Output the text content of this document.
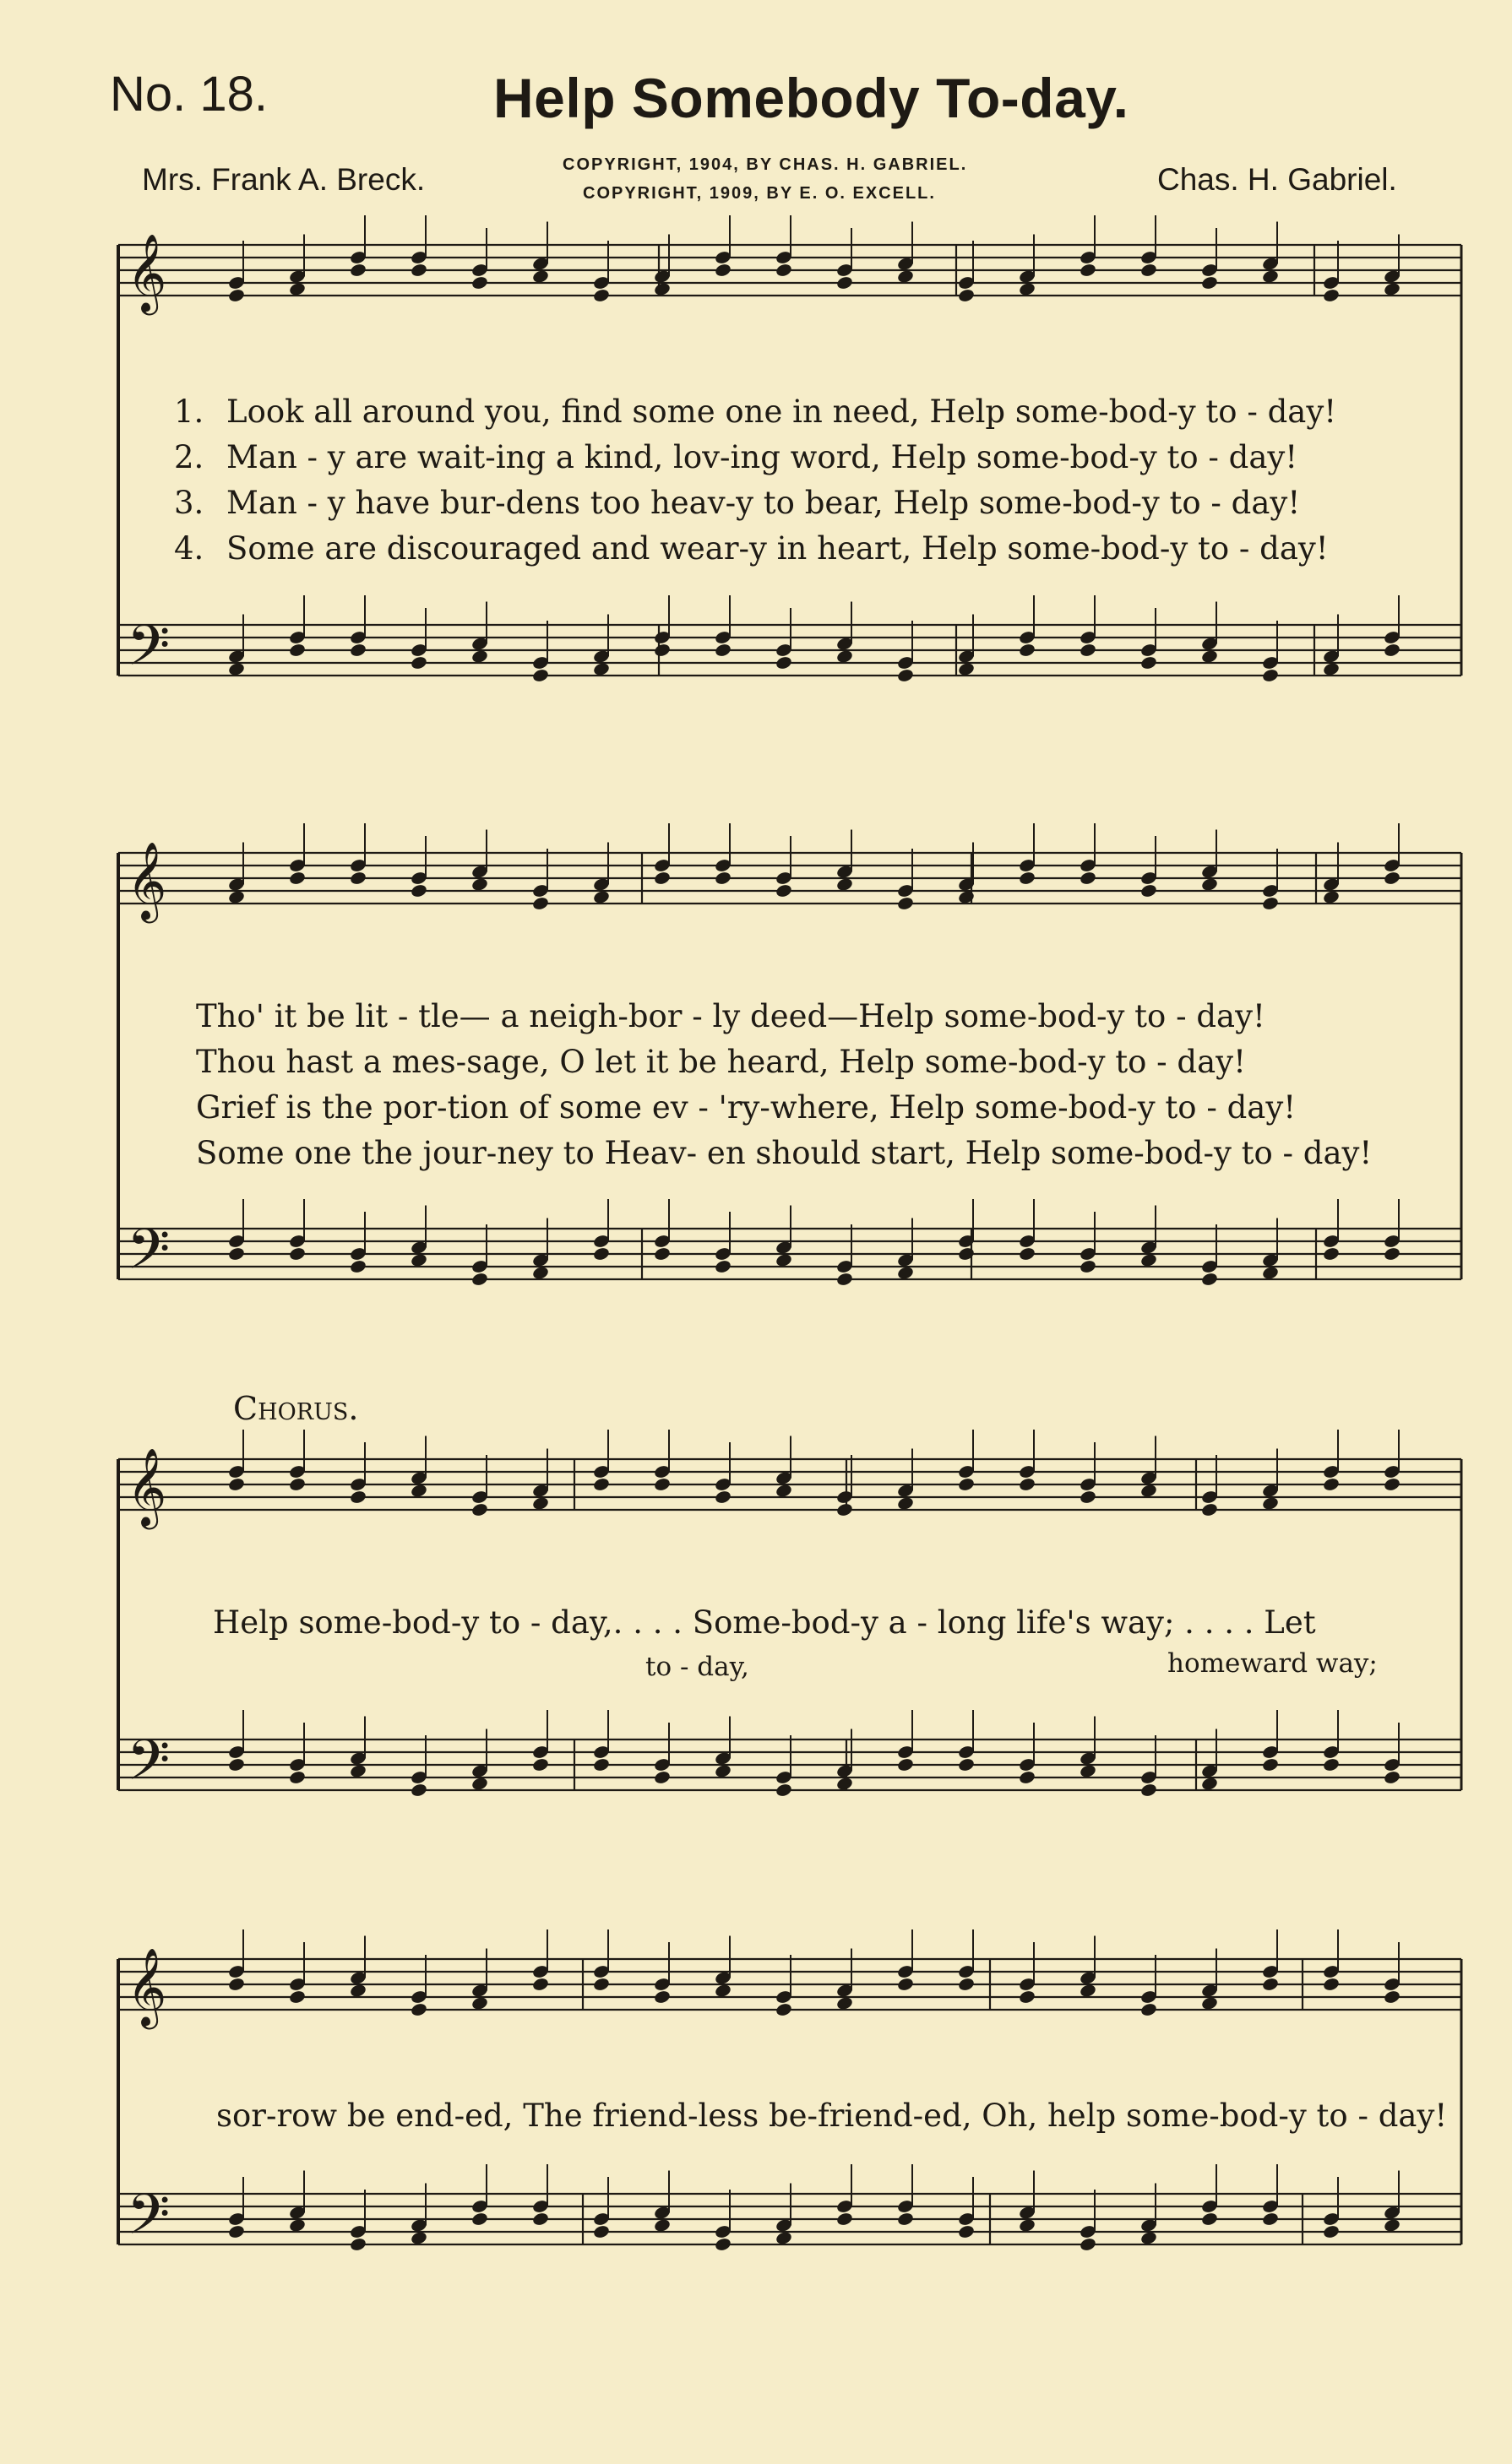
No. 18.	Help Somebody To-day.
Mrs. Frank A. Breck.	COPYRIGHT, 1904, BY CHAS. H. GABRIEL.
COPYRIGHT, 1909, BY E. O. EXCELL.	Chas. H. Gabriel.
𝄞
𝄢
𝄞
𝄢
𝄞
𝄢
𝄞
𝄢
1. Look all around you, find some one in need, Help some-bod-y to - day!
2. Man - y are wait-ing a kind, lov-ing word, Help some-bod-y to - day!
3. Man - y have bur-dens too heav-y to bear, Help some-bod-y to - day!
4. Some are discouraged and wear-y in heart, Help some-bod-y to - day!
Tho' it be lit - tle— a neigh-bor - ly deed—Help some-bod-y to - day!
Thou hast a mes-sage, O let it be heard, Help some-bod-y to - day!
Grief is the por-tion of some ev - 'ry-where, Help some-bod-y to - day!
Some one the jour-ney to Heav- en should start, Help some-bod-y to - day!
Chorus.
Help some-bod-y to - day,. . . . Some-bod-y a - long life's way; . . . . Let
to - day,	homeward way;
sor-row be end-ed, The friend-less be-friend-ed, Oh, help some-bod-y to - day!
